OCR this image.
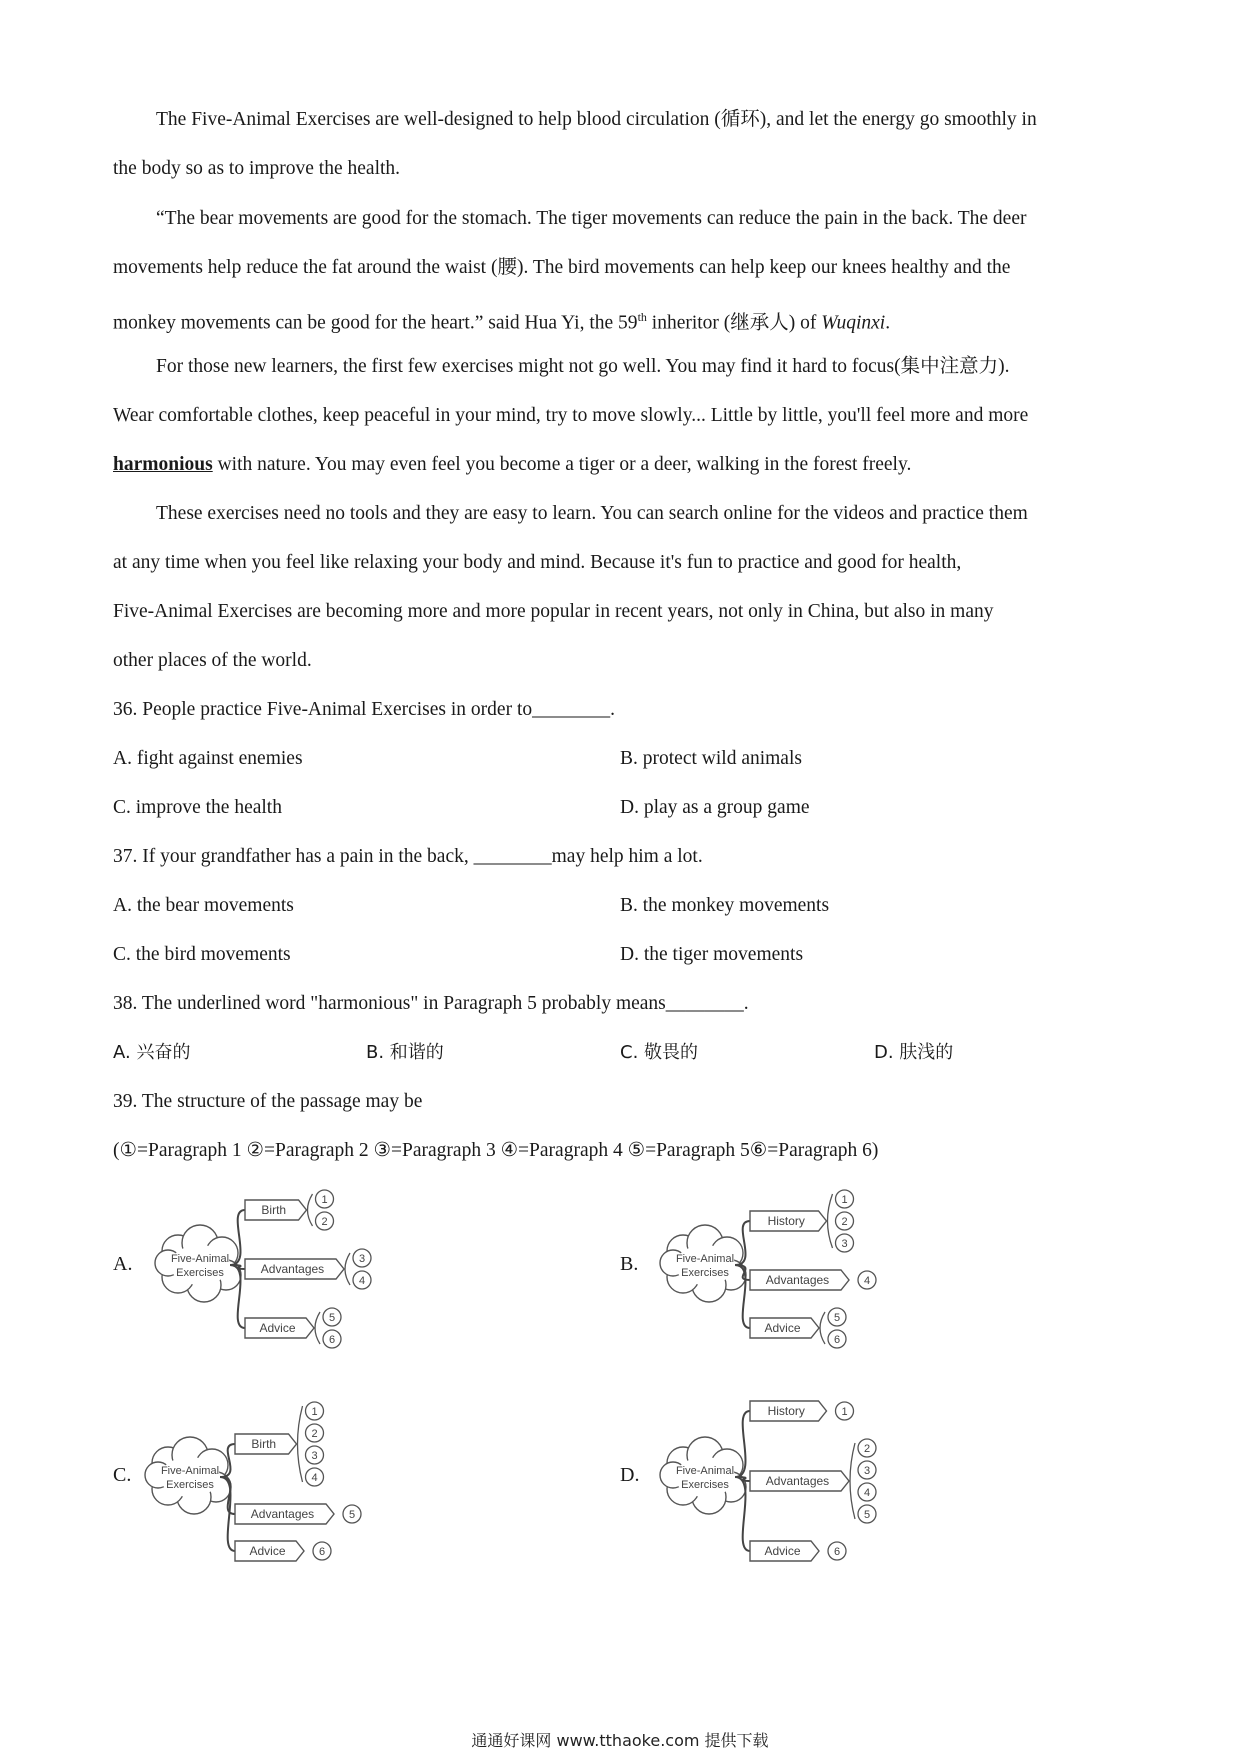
The Five-Animal Exercises are well-designed to help blood circulation (循环), and let the energy go smoothly in
the body so as to improve the health.
“The bear movements are good for the stomach. The tiger movements can reduce the pain in the back. The deer
movements help reduce the fat around the waist (腰). The bird movements can help keep our knees healthy and the
monkey movements can be good for the heart.” said Hua Yi, the 59th inheritor (继承人) of Wuqinxi.
For those new learners, the first few exercises might not go well. You may find it hard to focus(集中注意力).
Wear comfortable clothes, keep peaceful in your mind, try to move slowly... Little by little, you'll feel more and more
harmonious with nature. You may even feel you become a tiger or a deer, walking in the forest freely.
These exercises need no tools and they are easy to learn. You can search online for the videos and practice them
at any time when you feel like relaxing your body and mind. Because it's fun to practice and good for health,
Five-Animal Exercises are becoming more and more popular in recent years, not only in China, but also in many
other places of the world.
36. People practice Five-Animal Exercises in order to________.
A. fight against enemies	B. protect wild animals
C. improve the health	D. play as a group game
37. If your grandfather has a pain in the back, ________may help him a lot.
A. the bear movements	B. the monkey movements
C. the bird movements	D. the tiger movements
38. The underlined word "harmonious" in Paragraph 5 probably means________.
A. 兴奋的	B. 和谐的	C. 敬畏的	D. 肤浅的
39. The structure of the passage may be
(①=Paragraph 1 ②=Paragraph 2 ③=Paragraph 3 ④=Paragraph 4 ⑤=Paragraph 5⑥=Paragraph 6)
A.	B.
C.	D.
Five-Animal
Exercises
Birth
1
2
Advantages
3
4
Advice
5
6
Five-Animal
Exercises
History
1
2
3
Advantages	4
Advice
5
6
Five-Animal
Exercises
Birth
1
2
3
4
Advantages	5
Advice	6
Five-Animal
Exercises
History	1
Advantages
2
3
4
5
Advice	6
通通好课网 www.tthaoke.com 提供下载
